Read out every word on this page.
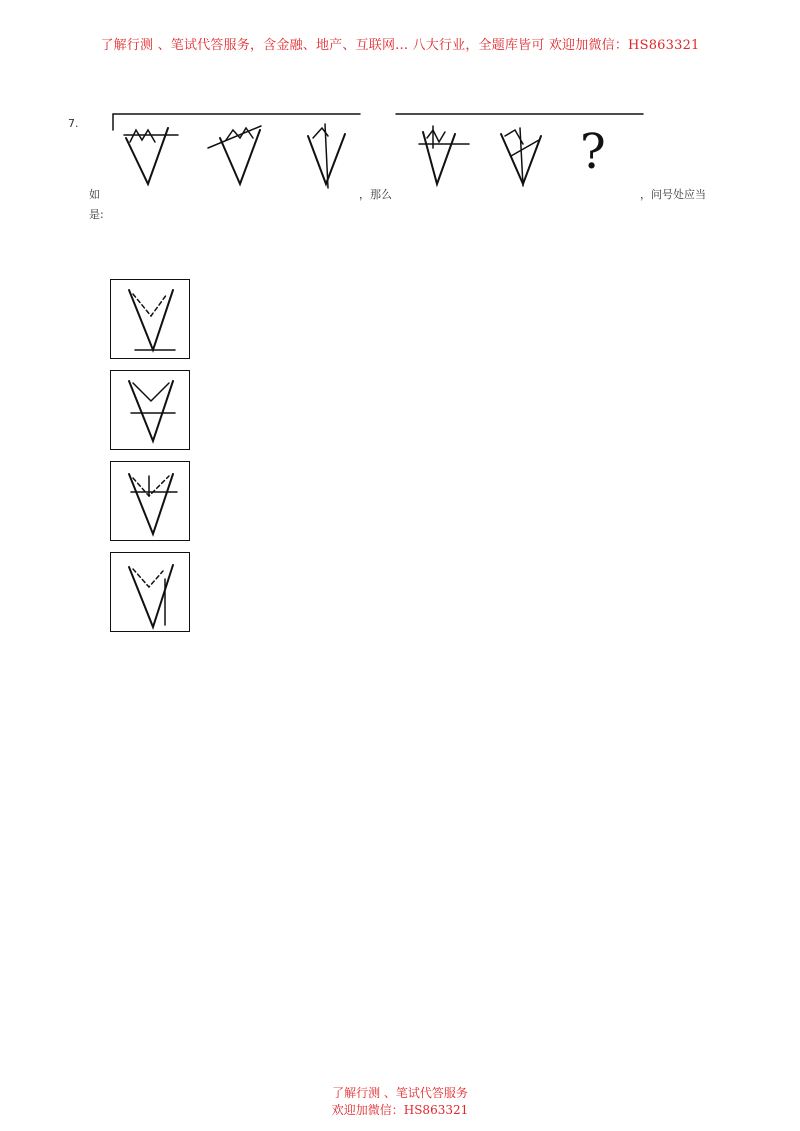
了解行测 、笔试代答服务，含金融、地产、互联网... 八大行业，全题库皆可 欢迎加微信：HS863321
7.
?
如	，那么	，问号处应当
是:
了解行测 、笔试代答服务
欢迎加微信：HS863321
